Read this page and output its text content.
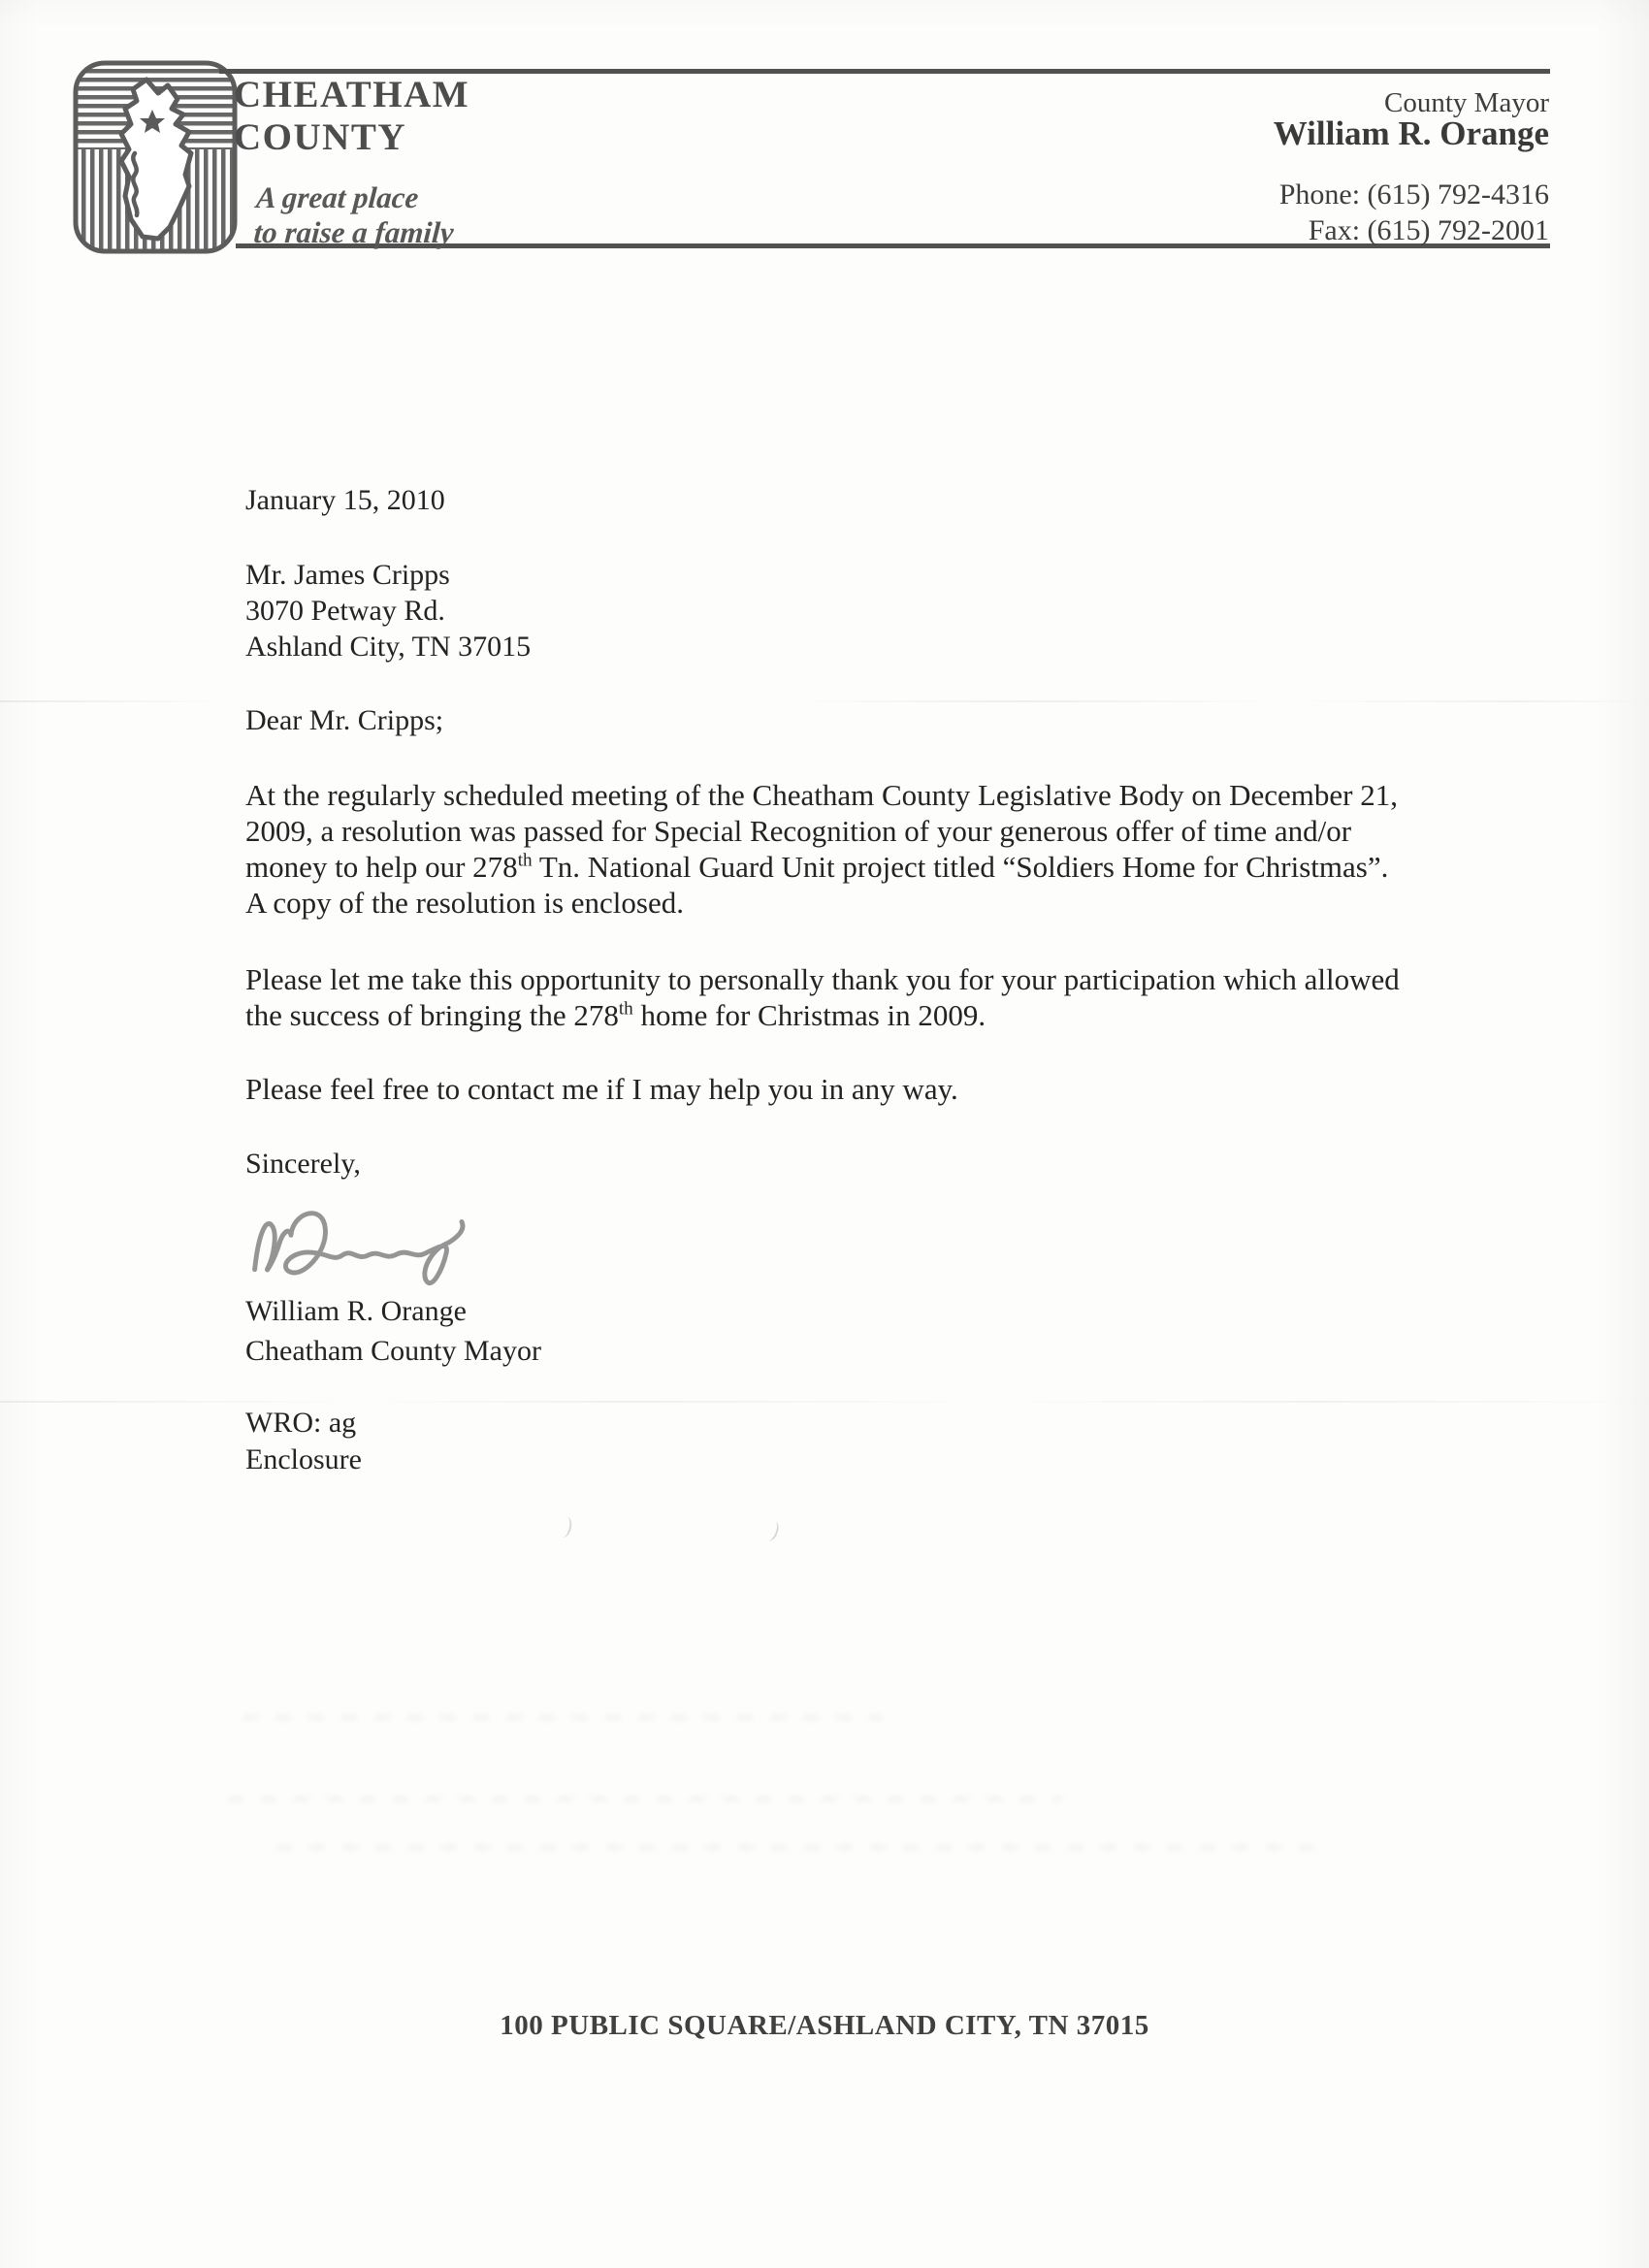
CHEATHAM
COUNTY
A great place
to raise a family
County Mayor
William R. Orange
Phone: (615) 792-4316
Fax: (615) 792-2001
January 15, 2010
Mr. James Cripps
3070 Petway Rd.
Ashland City, TN 37015
Dear Mr. Cripps;

At the regularly scheduled meeting of the Cheatham County Legislative Body on December 21, 2009, a resolution was passed for Special Recognition of your generous offer of time and/or money to help our 278th Tn. National Guard Unit project titled “Soldiers Home for Christmas”. A copy of the resolution is enclosed.

Please let me take this opportunity to personally thank you for your participation which allowed the success of bringing the 278th home for Christmas in 2009.

Please feel free to contact me if I may help you in any way.

Sincerely,
William R. Orange
Cheatham County Mayor
WRO: ag
Enclosure
100 PUBLIC SQUARE/ASHLAND CITY, TN 37015
